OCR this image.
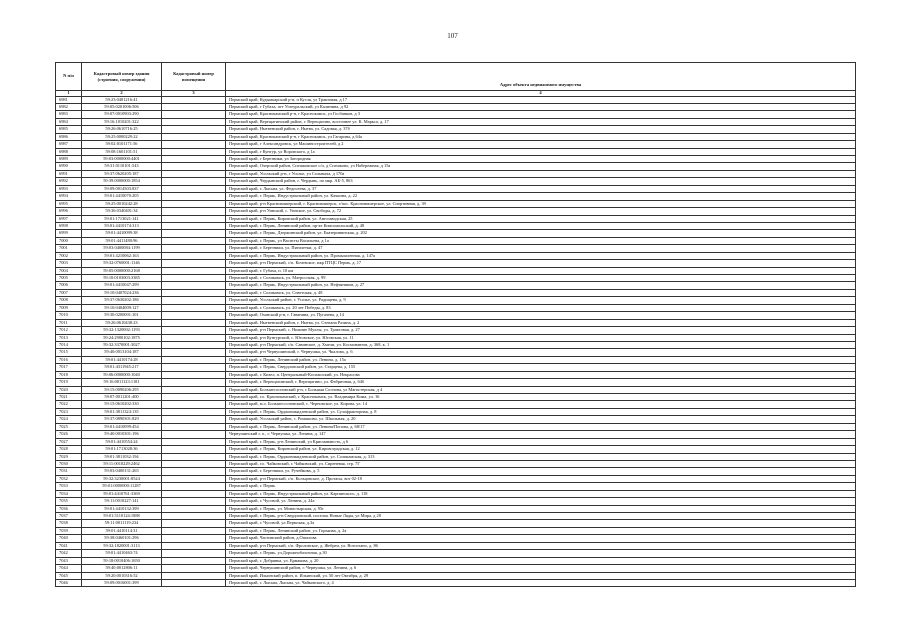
107
N п/п	Кадастровый номер здания (строения, сооружения)	Кадастровый номер помещения	Адрес объекта недвижимого имущества
1	2	3	4
6981	59:23:0481216:41		Пермский край, Кудымкарский р-н, п Кусля, ул Трактовая, д 17
6982	59:05:0201006:506		Пермский край, г Губаха, пгт Углеуральский, ул Калинина, д 92
6983	59:07:0010903:290		Пермский край, Краснокамский р-н, г Краснокамск, ул Госбанков, д 3
6984	59:16:1010201:322		Пермский край, Верещагинский район, г. Верещагино, восточнее ул. К. Маркса, д. 17
6985	59:26:0610716:25		Пермский край, Нытвенский район, г. Нытва, ул. Садовая, д. 37б
6986	59:25:0000229:22		Пермский край, Краснокамский р-н, г Краснокамск, ул Гагарина, д 64а
6987	59:02:0101171:56		Пермский край, г Александровск, ул Машиностроителей, д 2
6988	59:08:1601101:51		Пермский край, г Кунгур, ул Воровского, д 1а
6989	59:03:0000000:4401		Пермский край, г Березники, ул Загородная
6990	59:31:0110101:543		Пермский край, Очерский район, Спешковское с/п, д Спешково, ул Набережная, д 15а
6991	59:37:0620205:187		Пермский край, Усольский р-н, г Усолье, ул Сольвыча, д 170а
6992	59:39:0000000:1854		Пермский край, Чердынский район, г. Чердынь, по мкр. АБ-5, 863
6993	59:09:0014503:837		Пермский край, г. Лысьва, ул. Федосеева, д. 37
6994	59:01:4410070:205		Пермский край, г. Пермь, Индустриальный район, ул. Качкина, д. 22
6995	59:25:0010242:28		Пермский край, р-н Красновишерский, г. Красновишерск, г/пос. Красновишерское, ул. Спортивная, д. 39
6996	59:36:0340401:34		Пермский край, р-н Уинский, с. Уинское, ул. Свободы, д. 72
6997	59:01:1713021:141		Пермский край, г. Пермь, Кировский район, ул. Автозаводская, 25
6998	59:01:4410174:313		Пермский край, г. Пермь, Ленинский район, пр-кт Комсомольский, д. 48
6999	59:01:4410099:38		Пермский край, г. Пермь, Дзержинский район, ул. Екатерининская, д. 202
7000	59:01:4411480:96		Пермский край, г. Пермь, ул Васисты Васильева, д 1а
7001	59:03:0400084:1199		Пермский край, г. Березники, ул. Пятилетки, д. 47
7002	59:01:4210062:163		Пермский край, г. Пермь, Индустриальный район, ул. Промышленная, д. 147а
7003	59:32:0760001:1146		Пермский край, р-н Пермский, с/п. Кочевское, мкр ПТЦС Пермь, д. 17
7004	59:05:0000000:2168		Пермский край, г. Губаха, п. 10 км
7005	59:10:0103003:3385		Пермский край, г. Соликамск, ул. Матросская, д. 99
7006	59:01:4410047:299		Пермский край, г. Пермь, Индустриальный район, ул. Нефтяников, д. 27
7007	59:10:0407024:236		Пермский край, г. Соликамск, ул. Советская, д. 48
7008	59:37:0630202:186		Пермский край, Усольский район, г. Усолье, ул. Радищева, д. 9
7009	59:10:0404009:127		Пермский край, г. Соликамск, ул. 20 лет Победы, д. 83
7010	59:30:0200001:101		Пермский край, Оханский р-н, г. Гаванина, ул. Пугачева, д 14
7011	59:26:0610438:23		Пермский край, Нытвенский район, г. Нытва, ул. Степана Разина, д. 2
7012	59:32:1320002:1193		Пермский край, р-н Пермский, с. Нижние Муллы, ул. Трактовая, д. 27
7013	59:24:2900102:1875		Пермский край, р-н Кунгурский, с. Юговское, ул. Юговская, ул. 11
7014	59:32:3370001:3027		Пермский край, р-н Пермский, с/п. Савинское, д. Хмели, ул. Космонавтов, д. 368, к. 1
7015	59:40:0013104:187		Пермский край, р-н Чернушинский, г. Чернушка, ул. Чкалова, д. 6
7016	59:01:4410174:28		Пермский край, г. Пермь, Ленинский район, ул. Ленина, д. 15а
7017	59:01:4311945:217		Пермский край, г. Пермь, Свердловский район, ул. Старцева, д. 155
7018	59:06:0000000:1040		Пермский край, г. Кизел, п. Центральный-Коспашский, ул. Некрасова
7019	59:16:0011123:1181		Пермский край, г. Верещагинский, г. Верещагино, ул. Фабричная, д. 64б
7020	59:15:0090206:295		Пермский край, Большесосновский р-н, с Большая Соснова, ул Магистерская, д 4
7021	59:07:0011201:400		Пермский край, г.о. Краснокамский, г. Краснокамск, ул. Владимира Кима, ул. 16
7022	59:15:0610202:330		Пермский край, м.о. Большесосновский, с. Черновское, ул. Кирова, ул. 14
7023	59:01:3811324:135		Пермский край, г. Пермь, Орджоникидзевский район, ул. Сулофракторная, д. 8
7024	59:37:0890301:829		Пермский край, Усольский район, с. Ромашово, ул. Школьная, д. 20
7025	59:01:4410099:454		Пермский край, г. Пермь, Ленинский район, ул. Ленина/Попова, д. 68/17
7026	59:40:0010301:196		Чернушинский г. о., г. Чернушка, ул. Ленина, д. 147
7027	59:01:4410554:24		Пермский край, г. Пермь, р-н Ленинский, ул Крисманаюсть, д 6
7028	59:01:1713028:36		Пермский край, г. Пермь, Кировский район, ул. Кировоградская, д. 12
7029	59:01:3811032:194		Пермский край, г. Пермь, Орджоникидзевский район, ул. Соликамская, д. 313
7030	59:11:0010229:2462		Пермский край, г.о. Чайковский, г. Чайковский, ул. Сиреневая, стр. 7Г
7031	59:03:0400131:265		Пермский край, г. Березники, ул. Ручейкова, д. 5
7032	59:32:3230001:8524		Пермский край, р-н Пермский, с/п. Кольцовское, д. Протасы, вот 02-18
7033	59:01:0000000:11287		Пермский край, г. Пермь
7034	59:01:4410761:3369		Пермский край, г. Пермь, Индустриальный район, ул. Карпинского, д. 118
7035	59:11:0010227:141		Пермский край, г. Чусовой, ул. Ленина, д. 24а
7036	59:01:4410132:399		Пермский край, г. Пермь, ул. Монастырская, д. 95г
7037	59:01:5110124:1888		Пермский край, г. Пермь, р-н Свердловский, поселок Новые Ляды, ул Мира, д 28
7038	59:11:0011119:234		Пермский край, г. Чусовой, ул.Пермская, д.3а
7039	59:01:4410114:31		Пермский край, г. Пермь, Ленинский район, ул. Горькова, д. 2а
7040	59:38:0460101:296		Пермский край, Частинский район, д.Ошалова
7041	59:32:1820001:3113		Пермский край, р-н Пермский, с/п. Фроловское, д. Жебреи, ул. Вотоглано, д. 86
7042	59:01:4410463:74		Пермский край, г. Пермь, ул.Дорожнобалочная, д.30
7043	59:18:0010406:1650		Пермский край, г. Добрянка, ул. Ермакова, д. 20
7044	59:40:0012806:11		Пермский край, Чернушинский район, г. Чернушка, ул. Ленина, д. 6
7045	59:20:0010316:52		Пермский край, Ильинский район, п. Ильинский, ул. 50 лет Октября, д. 29
7046	59:09:0016001:399		Пермский край, г. Лысьва, Лысьва, ул. Чайковского, д. 4
